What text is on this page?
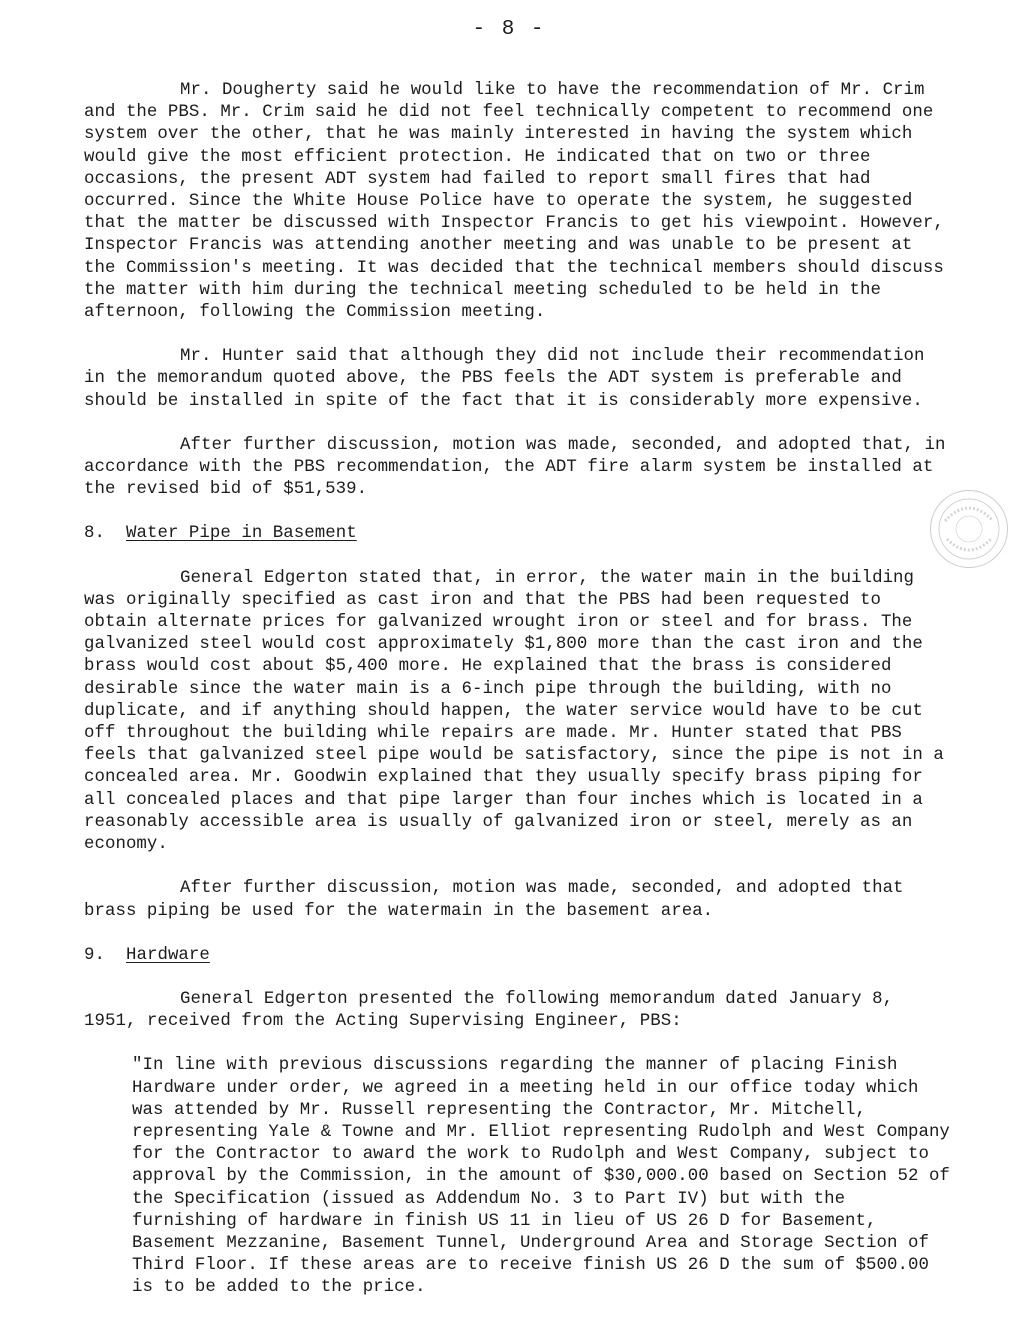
- 8 -

Mr. Dougherty said he would like to have the recommendation of Mr. Crim and the PBS. Mr. Crim said he did not feel technically competent to recommend one system over the other, that he was mainly interested in having the system which would give the most efficient protection. He indicated that on two or three occasions, the present ADT system had failed to report small fires that had occurred. Since the White House Police have to operate the system, he suggested that the matter be discussed with Inspector Francis to get his viewpoint. However, Inspector Francis was attending another meeting and was unable to be present at the Commission's meeting. It was decided that the technical members should discuss the matter with him during the technical meeting scheduled to be held in the afternoon, following the Commission meeting.

Mr. Hunter said that although they did not include their recommendation in the memorandum quoted above, the PBS feels the ADT system is preferable and should be installed in spite of the fact that it is considerably more expensive.

After further discussion, motion was made, seconded, and adopted that, in accordance with the PBS recommendation, the ADT fire alarm system be installed at the revised bid of $51,539.

8. Water Pipe in Basement

General Edgerton stated that, in error, the water main in the building was originally specified as cast iron and that the PBS had been requested to obtain alternate prices for galvanized wrought iron or steel and for brass. The galvanized steel would cost approximately $1,800 more than the cast iron and the brass would cost about $5,400 more. He explained that the brass is considered desirable since the water main is a 6-inch pipe through the building, with no duplicate, and if anything should happen, the water service would have to be cut off throughout the building while repairs are made. Mr. Hunter stated that PBS feels that galvanized steel pipe would be satisfactory, since the pipe is not in a concealed area. Mr. Goodwin explained that they usually specify brass piping for all concealed places and that pipe larger than four inches which is located in a reasonably accessible area is usually of galvanized iron or steel, merely as an economy.

After further discussion, motion was made, seconded, and adopted that brass piping be used for the watermain in the basement area.

9. Hardware

General Edgerton presented the following memorandum dated January 8, 1951, received from the Acting Supervising Engineer, PBS:

"In line with previous discussions regarding the manner of placing Finish Hardware under order, we agreed in a meeting held in our office today which was attended by Mr. Russell representing the Contractor, Mr. Mitchell, representing Yale & Towne and Mr. Elliot representing Rudolph and West Company for the Contractor to award the work to Rudolph and West Company, subject to approval by the Commission, in the amount of $30,000.00 based on Section 52 of the Specification (issued as Addendum No. 3 to Part IV) but with the furnishing of hardware in finish US 11 in lieu of US 26 D for Basement, Basement Mezzanine, Basement Tunnel, Underground Area and Storage Section of Third Floor. If these areas are to receive finish US 26 D the sum of $500.00 is to be added to the price.
